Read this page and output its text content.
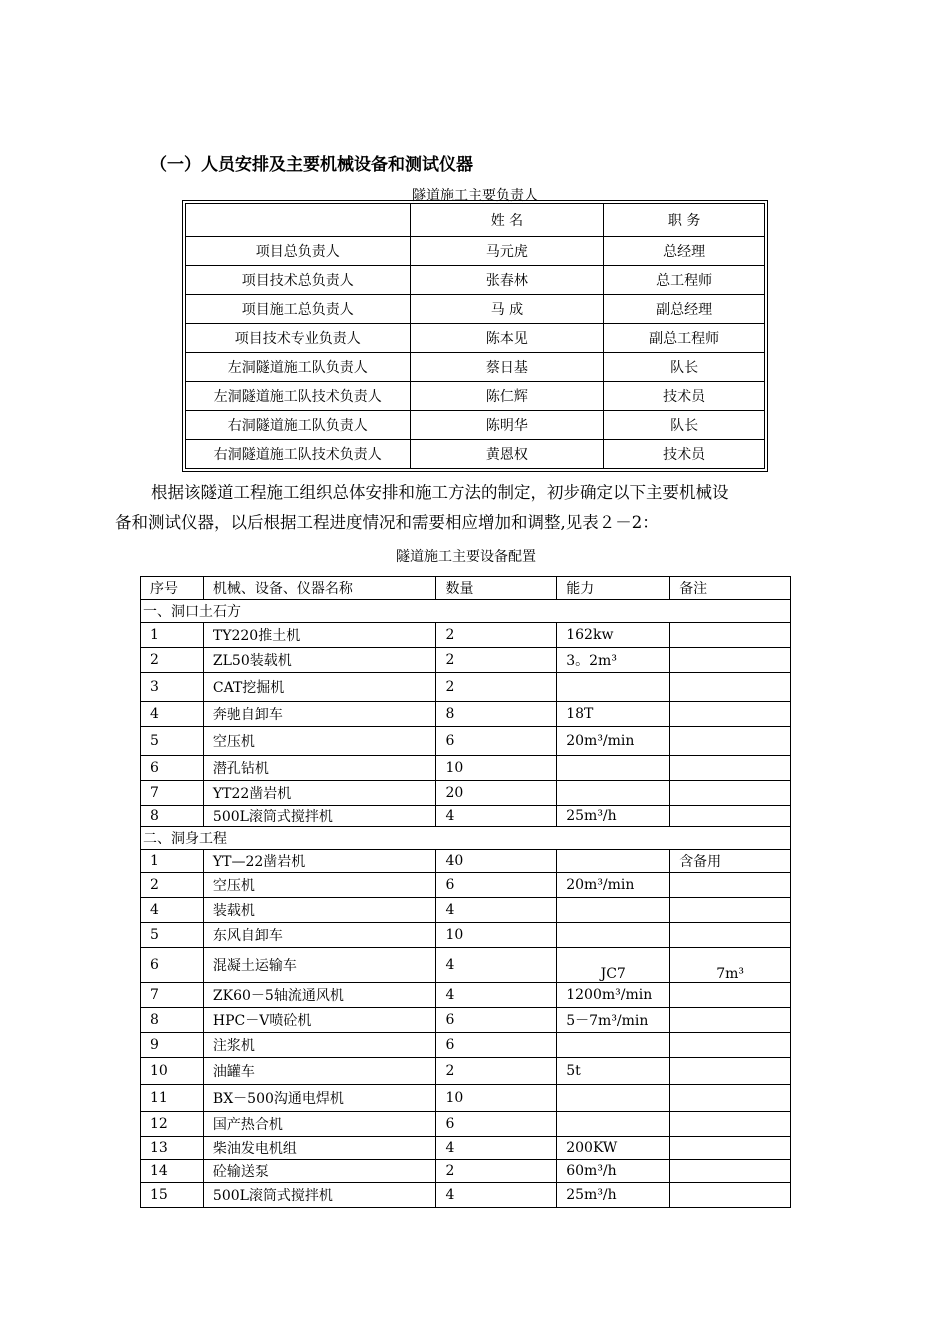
（一）人员安排及主要机械设备和测试仪器
隧道施工主要负责人
	姓 名	职 务
项目总负责人	马元虎	总经理
项目技术总负责人	张春林	总工程师
项目施工总负责人	马 成	副总经理
项目技术专业负责人	陈本见	副总工程师
左洞隧道施工队负责人	蔡日基	队长
左洞隧道施工队技术负责人	陈仁辉	技术员
右洞隧道施工队负责人	陈明华	队长
右洞隧道施工队技术负责人	黄恩权	技术员
根据该隧道工程施工组织总体安排和施工方法的制定，初步确定以下主要机械设
备和测试仪器，以后根据工程进度情况和需要相应增加和调整,见表２－2：
隧道施工主要设备配置
序号	机械、设备、仪器名称	数量	能力	备注
一、洞口土石方				
1	TY220推土机	2	162kw	
2	ZL50装载机	2	3。2m³	
3	CAT挖掘机	2		
4	奔驰自卸车	8	18T	
5	空压机	6	20m³/min	
6	潜孔钻机	10		
7	YT22凿岩机	20		
8	500L滚筒式搅拌机	4	25m³/h	
二、洞身工程				
1	YT—22凿岩机	40		含备用
2	空压机	6	20m³/min	
4	装载机	4		
5	东风自卸车	10		
6	混凝土运输车	4	JC7	7m³
7	ZK60－5轴流通风机	4	1200m³/min	
8	HPC－V喷砼机	6	5－7m³/min	
9	注浆机	6		
10	油罐车	2	5t	
11	BX－500沟通电焊机	10		
12	国产热合机	6		
13	柴油发电机组	4	200KW	
14	砼输送泵	2	60m³/h	
15	500L滚筒式搅拌机	4	25m³/h	
